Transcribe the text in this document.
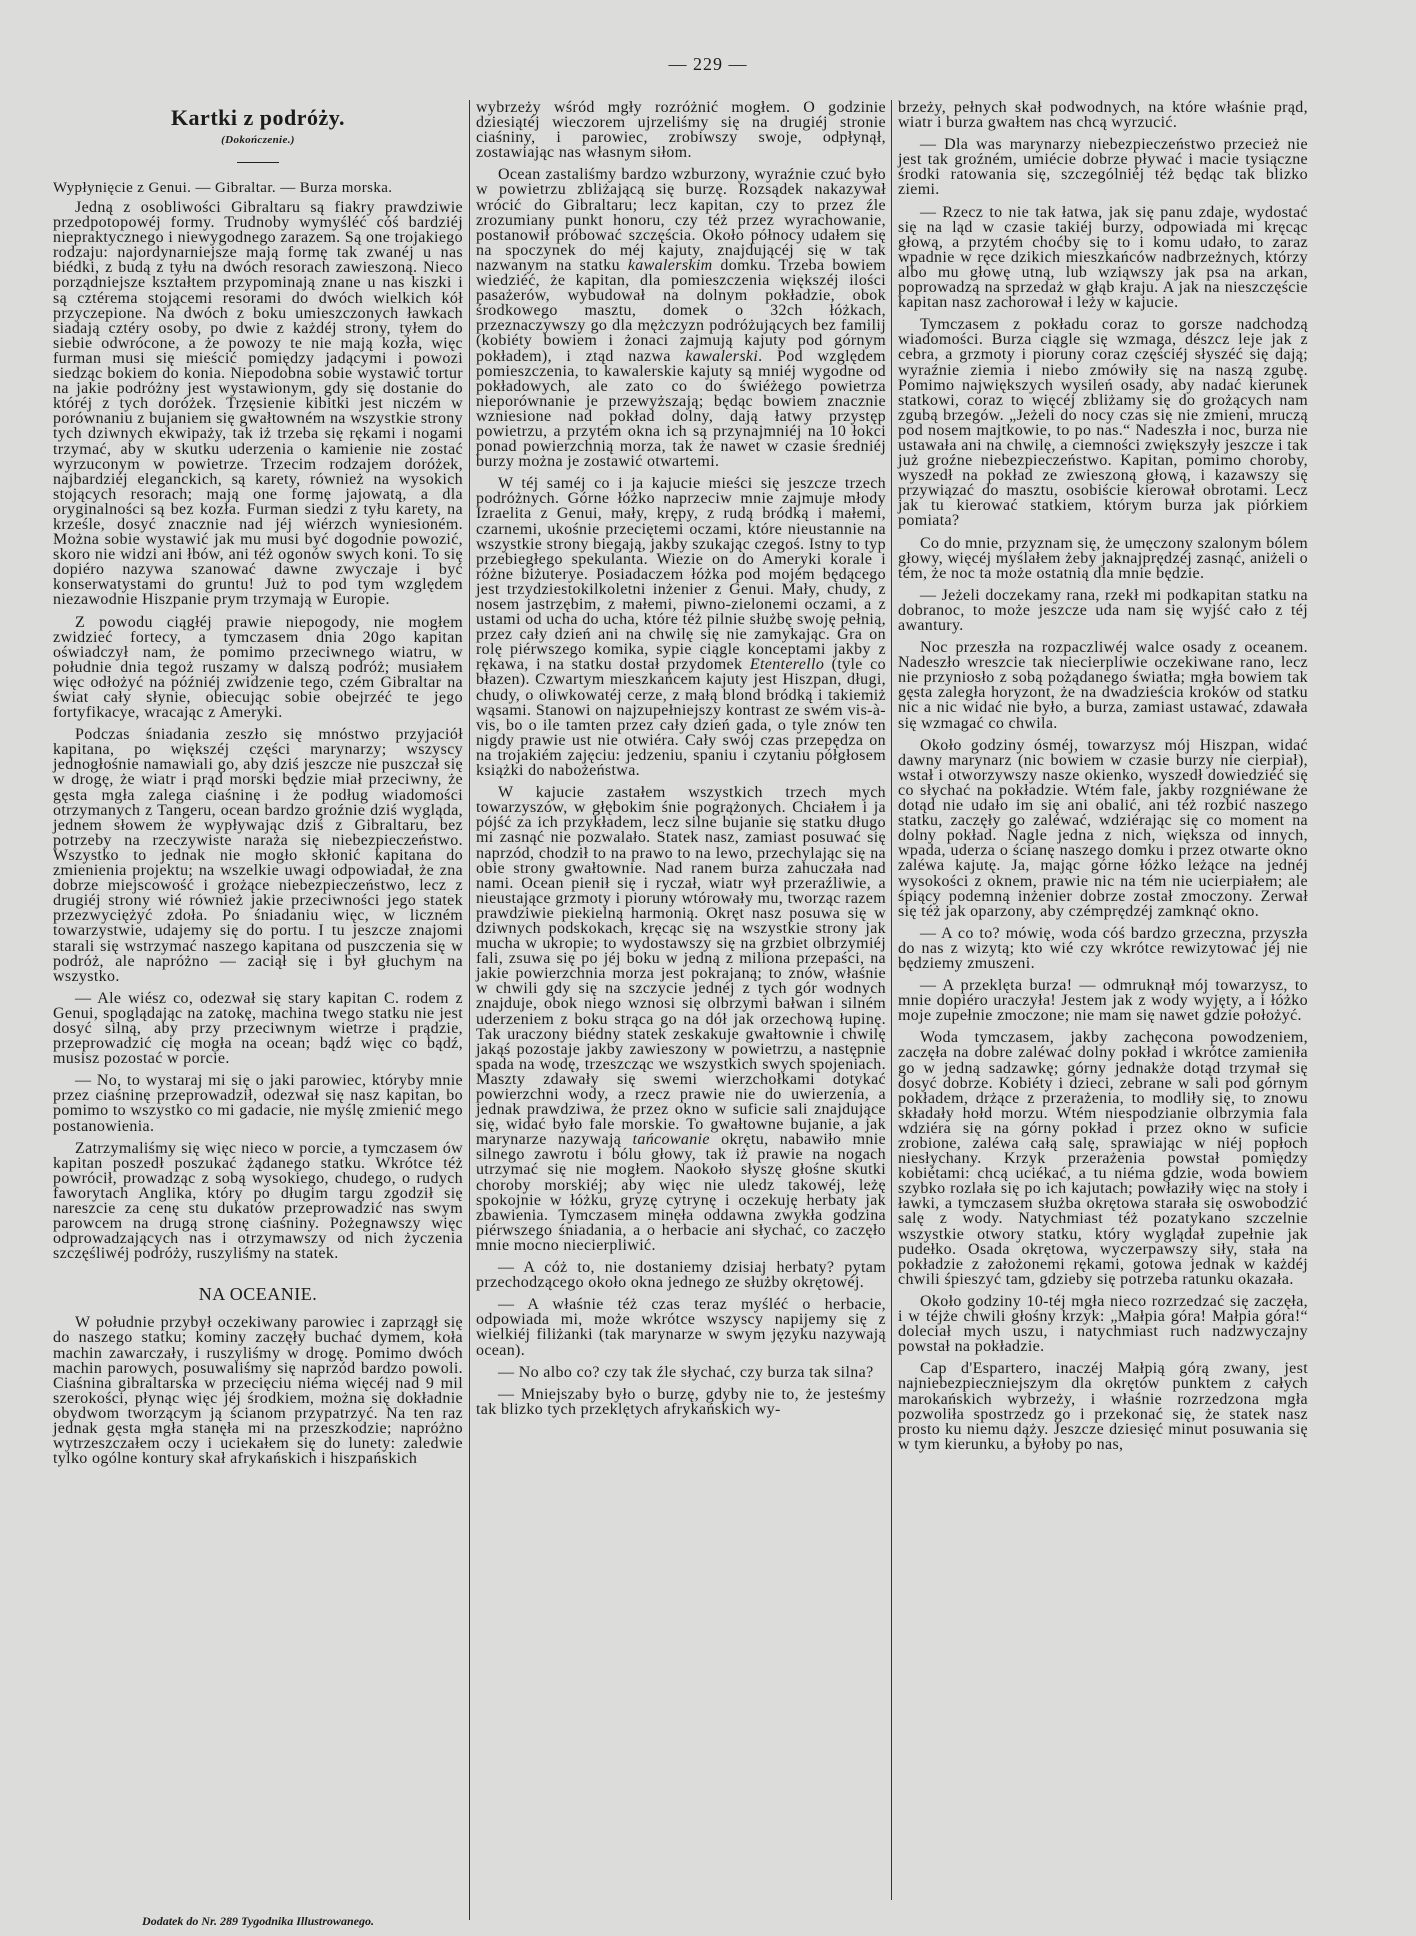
— 229 —
Kartki z podróży.
(Dokończenie.)
Wypłynięcie z Genui. — Gibraltar. — Burza morska.

Jedną z osobliwości Gibraltaru są fiakry prawdziwie przedpotopowéj formy. Trudnoby wymyśléć cóś bardziéj niepraktycznego i niewygodnego zarazem. Są one trojakiego rodzaju: najordynarniejsze mają formę tak zwanéj u nas biédki, z budą z tyłu na dwóch resorach zawieszoną. Nieco porządniejsze kształtem przypominają znane u nas kiszki i są cztérema stojącemi resorami do dwóch wielkich kół przyczepione. Na dwóch z boku umieszczonych ławkach siadają cztéry osoby, po dwie z każdéj strony, tyłem do siebie odwrócone, a że powozy te nie mają kozła, więc furman musi się mieścić pomiędzy jadącymi i powozi siedząc bokiem do konia. Niepodobna sobie wystawić tortur na jakie podróżny jest wystawionym, gdy się dostanie do któréj z tych doróżek. Trzęsienie kibitki jest niczém w porównaniu z bujaniem się gwałtowném na wszystkie strony tych dziwnych ekwipaży, tak iż trzeba się rękami i nogami trzymać, aby w skutku uderzenia o kamienie nie zostać wyrzuconym w powietrze. Trzecim rodzajem doróżek, najbardziéj eleganckich, są karety, również na wysokich stojących resorach; mają one formę jajowatą, a dla oryginalności są bez kozła. Furman siedzi z tyłu karety, na krześle, dosyć znacznie nad jéj wiérzch wyniesioném. Można sobie wystawić jak mu musi być dogodnie powozić, skoro nie widzi ani łbów, ani téż ogonów swych koni. To się dopiéro nazywa szanować dawne zwyczaje i być konserwatystami do gruntu! Już to pod tym względem niezawodnie Hiszpanie prym trzymają w Europie.

Z powodu ciągłéj prawie niepogody, nie mogłem zwidzieć fortecy, a tymczasem dnia 20go kapitan oświadczył nam, że pomimo przeciwnego wiatru, w południe dnia tegoż ruszamy w dalszą podróż; musiałem więc odłożyć na późniéj zwidzenie tego, czém Gibraltar na świat cały słynie, obiecując sobie obejrzéć te jego fortyfikacye, wracając z Ameryki.

Podczas śniadania zeszło się mnóstwo przyjaciół kapitana, po większéj części marynarzy; wszyscy jednogłośnie namawiali go, aby dziś jeszcze nie puszczał się w drogę, że wiatr i prąd morski będzie miał przeciwny, że gęsta mgła zalega ciaśninę i że podług wiadomości otrzymanych z Tangeru, ocean bardzo groźnie dziś wygląda, jednem słowem że wypływając dziś z Gibraltaru, bez potrzeby na rzeczywiste naraża się niebezpieczeństwo. Wszystko to jednak nie mogło skłonić kapitana do zmienienia projektu; na wszelkie uwagi odpowiadał, że zna dobrze miejscowość i grożące niebezpieczeństwo, lecz z drugiéj strony wié również jakie przeciwności jego statek przezwyciężyć zdoła. Po śniadaniu więc, w liczném towarzystwie, udajemy się do portu. I tu jeszcze znajomi starali się wstrzymać naszego kapitana od puszczenia się w podróż, ale napróżno — zaciął się i był głuchym na wszystko.

— Ale wiész co, odezwał się stary kapitan C. rodem z Genui, spoglądając na zatokę, machina twego statku nie jest dosyć silną, aby przy przeciwnym wietrze i prądzie, przeprowadzić cię mogła na ocean; bądź więc co bądź, musisz pozostać w porcie.

— No, to wystaraj mi się o jaki parowiec, któryby mnie przez ciaśninę przeprowadził, odezwał się nasz kapitan, bo pomimo to wszystko co mi gadacie, nie myślę zmienić mego postanowienia.

Zatrzymaliśmy się więc nieco w porcie, a tymczasem ów kapitan poszedł poszukać żądanego statku. Wkrótce téż powrócił, prowadząc z sobą wysokiego, chudego, o rudych faworytach Anglika, który po długim targu zgodził się nareszcie za cenę stu dukatów przeprowadzić nas swym parowcem na drugą stronę ciaśniny. Pożegnawszy więc odprowadzających nas i otrzymawszy od nich życzenia szczęśliwéj podróży, ruszyliśmy na statek.

NA OCEANIE.

W południe przybył oczekiwany parowiec i zaprzągł się do naszego statku; kominy zaczęły buchać dymem, koła machin zawarczały, i ruszyliśmy w drogę. Pomimo dwóch machin parowych, posuwaliśmy się naprzód bardzo powoli. Ciaśnina gibraltarska w przecięciu niéma więcéj nad 9 mil szerokości, płynąc więc jéj środkiem, można się dokładnie obydwom tworzącym ją ścianom przypatrzyć. Na ten raz jednak gęsta mgła stanęła mi na przeszkodzie; napróżno wytrzeszczałem oczy i uciekałem się do lunety: zaledwie tylko ogólne kontury skał afrykańskich i hiszpańskich

wybrzeży wśród mgły rozróżnić mogłem. O godzinie dziesiątéj wieczorem ujrzeliśmy się na drugiéj stronie ciaśniny, i parowiec, zrobiwszy swoje, odpłynął, zostawiając nas własnym siłom.

Ocean zastaliśmy bardzo wzburzony, wyraźnie czuć było w powietrzu zbliżającą się burzę. Rozsądek nakazywał wrócić do Gibraltaru; lecz kapitan, czy to przez źle zrozumiany punkt honoru, czy téż przez wyrachowanie, postanowił próbować szczęścia. Około północy udałem się na spoczynek do méj kajuty, znajdującéj się w tak nazwanym na statku kawalerskim domku. Trzeba bowiem wiedziéć, że kapitan, dla pomieszczenia większéj ilości pasażerów, wybudował na dolnym pokładzie, obok środkowego masztu, domek o 32ch łóżkach, przeznaczywszy go dla mężczyzn podróżujących bez familij (kobiéty bowiem i żonaci zajmują kajuty pod górnym pokładem), i ztąd nazwa kawalerski. Pod względem pomieszczenia, to kawalerskie kajuty są mniéj wygodne od pokładowych, ale zato co do świéżego powietrza nieporównanie je przewyższają; będąc bowiem znacznie wzniesione nad pokład dolny, dają łatwy przystęp powietrzu, a przytém okna ich są przynajmniéj na 10 łokci ponad powierzchnią morza, tak że nawet w czasie średniéj burzy można je zostawić otwartemi.

W téj saméj co i ja kajucie mieści się jeszcze trzech podróżnych. Górne łóżko naprzeciw mnie zajmuje młody Izraelita z Genui, mały, krępy, z rudą bródką i małemi, czarnemi, ukośnie przeciętemi oczami, które nieustannie na wszystkie strony biegają, jakby szukając czegoś. Istny to typ przebiegłego spekulanta. Wiezie on do Ameryki korale i różne biżuterye. Posiadaczem łóżka pod mojém będącego jest trzydziestokilkoletni inżenier z Genui. Mały, chudy, z nosem jastrzębim, z małemi, piwno-zielonemi oczami, a z ustami od ucha do ucha, które téż pilnie służbę swoję pełnią, przez cały dzień ani na chwilę się nie zamykając. Gra on rolę piérwszego komika, sypie ciągle konceptami jakby z rękawa, i na statku dostał przydomek Etenterello (tyle co błazen). Czwartym mieszkańcem kajuty jest Hiszpan, długi, chudy, o oliwkowatéj cerze, z małą blond bródką i takiemiż wąsami. Stanowi on najzupełniejszy kontrast ze swém vis-à-vis, bo o ile tamten przez cały dzień gada, o tyle znów ten nigdy prawie ust nie otwiéra. Cały swój czas przepędza on na trojakiém zajęciu: jedzeniu, spaniu i czytaniu półgłosem książki do nabożeństwa.

W kajucie zastałem wszystkich trzech mych towarzyszów, w głębokim śnie pogrążonych. Chciałem i ja pójść za ich przykładem, lecz silne bujanie się statku długo mi zasnąć nie pozwalało. Statek nasz, zamiast posuwać się naprzód, chodził to na prawo to na lewo, przechylając się na obie strony gwałtownie. Nad ranem burza zahuczała nad nami. Ocean pienił się i ryczał, wiatr wył przeraźliwie, a nieustające grzmoty i pioruny wtórowały mu, tworząc razem prawdziwie piekielną harmonią. Okręt nasz posuwa się w dziwnych podskokach, kręcąc się na wszystkie strony jak mucha w ukropie; to wydostawszy się na grzbiet olbrzymiéj fali, zsuwa się po jéj boku w jedną z miliona przepaści, na jakie powierzchnia morza jest pokrajaną; to znów, właśnie w chwili gdy się na szczycie jednéj z tych gór wodnych znajduje, obok niego wznosi się olbrzymi bałwan i silném uderzeniem z boku strąca go na dół jak orzechową łupinę. Tak uraczony biédny statek zeskakuje gwałtownie i chwilę jakąś pozostaje jakby zawieszony w powietrzu, a następnie spada na wodę, trzeszcząc we wszystkich swych spojeniach. Maszty zdawały się swemi wierzchołkami dotykać powierzchni wody, a rzecz prawie nie do uwierzenia, a jednak prawdziwa, że przez okno w suficie sali znajdujące się, widać było fale morskie. To gwałtowne bujanie, a jak marynarze nazywają tańcowanie okrętu, nabawiło mnie silnego zawrotu i bólu głowy, tak iż prawie na nogach utrzymać się nie mogłem. Naokoło słyszę głośne skutki choroby morskiéj; aby więc nie uledz takowéj, leżę spokojnie w łóżku, gryzę cytrynę i oczekuję herbaty jak zbawienia. Tymczasem minęła oddawna zwykła godzina piérwszego śniadania, a o herbacie ani słychać, co zaczęło mnie mocno niecierpliwić.

— A cóż to, nie dostaniemy dzisiaj herbaty? pytam przechodzącego około okna jednego ze służby okrętowéj.

— A właśnie téż czas teraz myśléć o herbacie, odpowiada mi, może wkrótce wszyscy napijemy się z wielkiéj filiżanki (tak marynarze w swym języku nazywają ocean).

— No albo co? czy tak źle słychać, czy burza tak silna?

— Mniejszaby było o burzę, gdyby nie to, że jesteśmy tak blizko tych przeklętych afrykańskich wy-

brzeży, pełnych skał podwodnych, na które właśnie prąd, wiatr i burza gwałtem nas chcą wyrzucić.

— Dla was marynarzy niebezpieczeństwo przecież nie jest tak groźném, umiécie dobrze pływać i macie tysiączne środki ratowania się, szczególniéj téż będąc tak blizko ziemi.

— Rzecz to nie tak łatwa, jak się panu zdaje, wydostać się na ląd w czasie takiéj burzy, odpowiada mi kręcąc głową, a przytém choćby się to i komu udało, to zaraz wpadnie w ręce dzikich mieszkańców nadbrzeżnych, którzy albo mu głowę utną, lub wziąwszy jak psa na arkan, poprowadzą na sprzedaż w głąb kraju. A jak na nieszczęście kapitan nasz zachorował i leży w kajucie.

Tymczasem z pokładu coraz to gorsze nadchodzą wiadomości. Burza ciągle się wzmaga, dészcz leje jak z cebra, a grzmoty i pioruny coraz częściéj słyszéć się dają; wyraźnie ziemia i niebo zmówiły się na naszą zgubę. Pomimo największych wysileń osady, aby nadać kierunek statkowi, coraz to więcéj zbliżamy się do grożących nam zgubą brzegów. „Jeżeli do nocy czas się nie zmieni, mruczą pod nosem majtkowie, to po nas.“ Nadeszła i noc, burza nie ustawała ani na chwilę, a ciemności zwiększyły jeszcze i tak już groźne niebezpieczeństwo. Kapitan, pomimo choroby, wyszedł na pokład ze zwieszoną głową, i kazawszy się przywiązać do masztu, osobiście kierował obrotami. Lecz jak tu kierować statkiem, którym burza jak piórkiem pomiata?

Co do mnie, przyznam się, że umęczony szalonym bólem głowy, więcéj myślałem żeby jaknajprędzéj zasnąć, aniżeli o tém, że noc ta może ostatnią dla mnie będzie.

— Jeżeli doczekamy rana, rzekł mi podkapitan statku na dobranoc, to może jeszcze uda nam się wyjść cało z téj awantury.

Noc przeszła na rozpaczliwéj walce osady z oceanem. Nadeszło wreszcie tak niecierpliwie oczekiwane rano, lecz nie przyniosło z sobą pożądanego światła; mgła bowiem tak gęsta zaległa horyzont, że na dwadzieścia kroków od statku nic a nic widać nie było, a burza, zamiast ustawać, zdawała się wzmagać co chwila.

Około godziny ósméj, towarzysz mój Hiszpan, widać dawny marynarz (nic bowiem w czasie burzy nie cierpiał), wstał i otworzywszy nasze okienko, wyszedł dowiedziéć się co słychać na pokładzie. Wtém fale, jakby rozgniéwane że dotąd nie udało im się ani obalić, ani téż rozbić naszego statku, zaczęły go zaléwać, wdziérając się co moment na dolny pokład. Nagle jedna z nich, większa od innych, wpada, uderza o ścianę naszego domku i przez otwarte okno zaléwa kajutę. Ja, mając górne łóżko leżące na jednéj wysokości z oknem, prawie nic na tém nie ucierpiałem; ale śpiący podemną inżenier dobrze został zmoczony. Zerwał się téż jak oparzony, aby czémprędzéj zamknąć okno.

— A co to? mówię, woda cóś bardzo grzeczna, przyszła do nas z wizytą; kto wié czy wkrótce rewizytować jéj nie będziemy zmuszeni.

— A przeklęta burza! — odmruknął mój towarzysz, to mnie dopiéro uraczyła! Jestem jak z wody wyjęty, a i łóżko moje zupełnie zmoczone; nie mam się nawet gdzie położyć.

Woda tymczasem, jakby zachęcona powodzeniem, zaczęła na dobre zaléwać dolny pokład i wkrótce zamieniła go w jedną sadzawkę; górny jednakże dotąd trzymał się dosyć dobrze. Kobiéty i dzieci, zebrane w sali pod górnym pokładem, drżące z przerażenia, to modliły się, to znowu składały hołd morzu. Wtém niespodzianie olbrzymia fala wdziéra się na górny pokład i przez okno w suficie zrobione, zaléwa całą salę, sprawiając w niéj popłoch niesłychany. Krzyk przerażenia powstał pomiędzy kobiétami: chcą uciékać, a tu niéma gdzie, woda bowiem szybko rozlała się po ich kajutach; powłaziły więc na stoły i ławki, a tymczasem służba okrętowa starała się oswobodzić salę z wody. Natychmiast téż pozatykano szczelnie wszystkie otwory statku, który wyglądał zupełnie jak pudełko. Osada okrętowa, wyczerpawszy siły, stała na pokładzie z założonemi rękami, gotowa jednak w każdéj chwili śpieszyć tam, gdzieby się potrzeba ratunku okazała.

Około godziny 10-téj mgła nieco rozrzedzać się zaczęła, i w téjże chwili głośny krzyk: „Małpia góra! Małpia góra!“ doleciał mych uszu, i natychmiast ruch nadzwyczajny powstał na pokładzie.

Cap d'Espartero, inaczéj Małpią górą zwany, jest najniebezpieczniejszym dla okrętów punktem z całych marokańskich wybrzeży, i właśnie rozrzedzona mgła pozwoliła spostrzedz go i przekonać się, że statek nasz prosto ku niemu dąży. Jeszcze dziesięć minut posuwania się w tym kierunku, a byłoby po nas,

Dodatek do Nr. 289 Tygodnika Illustrowanego.
